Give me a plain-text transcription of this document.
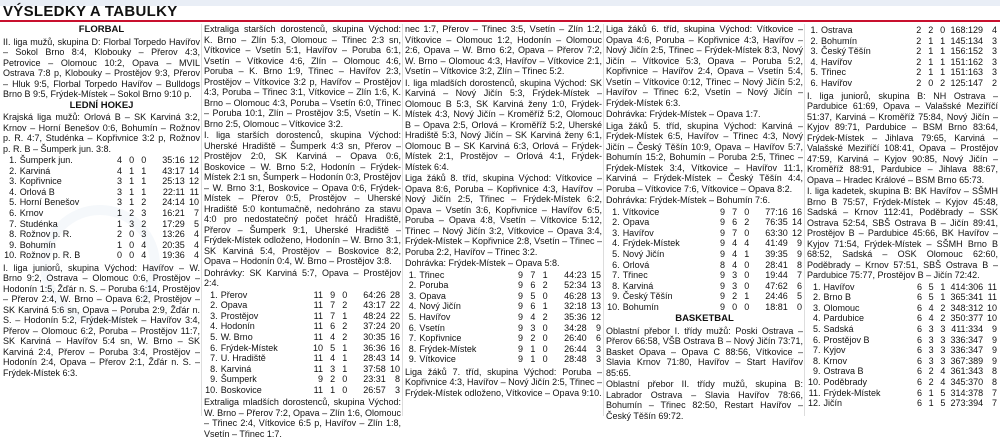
VÝSLEDKY A TABULKY
FLORBAL

II. liga mužů, skupina D: Florbal Torpedo Havířov – Sokol Brno 8:4, Klobouky – Přerov 4:3, Petrovice – Olomouc 10:2, Opava – MVIL Ostrava 7:8 p, Klobouky – Prostějov 9:3, Přerov – Hluk 9:5, Florbal Torpedo Havířov – Bulldogs Brno B 9:5, Frýdek-Místek – Sokol Brno 9:10 p.

LEDNÍ HOKEJ

Krajská liga mužů: Orlová B – SK Karviná 3:2, Krnov – Horní Benešov 0:6, Bohumín – Rožnov p. R. 4:7, Studénka – Kopřivnice 3:2 p, Rožnov p. R. B – Šumperk jun. 3:8.

1.	Šumperk jun.	4	0	0	35:16	12
2.	Karviná	4	1	1	43:17	14
3.	Kopřivnice	3	1	1	25:13	12
4.	Orlová B	3	1	1	22:11	11
5.	Horní Benešov	3	1	2	24:14	10
6.	Krnov	1	2	3	16:21	7
7.	Studénka	1	3	2	17:29	5
8.	Rožnov p. R.	2	0	3	13:26	4
9.	Bohumín	1	0	4	20:35	4
10.	Rožnov p. R. B	0	0	4	19:36	4

I. liga juniorů, skupina Východ: Havířov – W. Brno 9:2, Ostrava – Olomouc 0:6, Prostějov – Hodonín 1:5, Žďár n. S. – Poruba 6:14, Prostějov – Přerov 2:4, W. Brno – Opava 6:2, Prostějov – SK Karviná 5:6 sn, Opava – Poruba 2:9, Žďár n. S. – Hodonín 5:2, Frýdek-Místek – Havířov 3:4, Přerov – Olomouc 6:2, Poruba – Prostějov 11:7, SK Karviná – Havířov 5:4 sn, W. Brno – SK Karviná 2:4, Přerov – Poruba 3:4, Prostějov – Hodonín 2:4, Opava – Přerov 2:1, Žďár n. S. – Frýdek-Místek 6:3.

Extraliga starších dorostenců, skupina Východ: K. Brno – Zlín 5:3, Olomouc – Třinec 2:3 sn, Vítkovice – Vsetín 5:1, Havířov – Poruba 6:1, Vsetín – Vítkovice 4:6, Zlín – Olomouc 4:6, Poruba – K. Brno 1:9, Třinec – Havířov 2:3, Prostějov – Vítkovice 3:2 p, Havířov – Prostějov 4:3, Poruba – Třinec 3:1, Vítkovice – Zlín 1:6, K. Brno – Olomouc 4:3, Poruba – Vsetín 6:0, Třinec – Poruba 10:1, Zlín – Prostějov 3:5, Vsetín – K. Brno 2:5, Olomouc – Vítkovice 3:2.

I. liga starších dorostenců, skupina Východ: Uherské Hradiště – Šumperk 4:3 sn, Přerov – Prostějov 2:0, SK Karviná – Opava 0:6, Boskovice – W. Brno 5:2, Hodonín – Frýdek-Místek 2:1 sn, Šumperk – Hodonín 0:3, Prostějov – W. Brno 3:1, Boskovice – Opava 0:6, Frýdek-Místek – Přerov 0:5, Prostějov – Uherské Hradiště 5:0 kontumačně, nedohráno za stavu 4:0 pro nedostatečný počet hráčů Hradiště, Přerov – Šumperk 9:1, Uherské Hradiště – Frýdek-Místek odloženo, Hodonín – W. Brno 3:1, SK Karviná 5:4, Prostějov – Boskovice 8:2, Opava – Hodonín 0:4, W. Brno – Prostějov 3:8.

Dohrávky: SK Karviná 5:7, Opava – Prostějov 2:4.

1.	Přerov	11	9	0	64:26	28
2.	Opava	11	7	2	43:17	22
3.	Prostějov	11	7	1	48:24	22
4.	Hodonín	11	6	2	37:24	20
5.	W. Brno	11	4	2	30:35	16
6.	Frýdek-Místek	10	5	1	36:36	16
7.	U. Hradiště	11	4	1	28:43	14
8.	Karviná	11	3	1	37:58	10
9.	Šumperk	9	2	0	23:31	8
10.	Boskovice	11	1	0	26:57	3

Extraliga mladších dorostenců, skupina Východ: W. Brno – Přerov 7:2, Opava – Zlín 1:6, Olomouc – Třinec 2:4, Vítkovice 6:5 p, Havířov – Zlín 1:8, Vsetín – Třinec 1:7.

nec 1:7, Přerov – Třinec 3:5, Vsetín – Zlín 1:2, Vítkovice – Olomouc 1:2, Hodonín – Olomouc 2:6, Opava – W. Brno 6:2, Opava – Přerov 7:2, W. Brno – Olomouc 4:3, Havířov – Vítkovice 2:1, Vsetín – Vítkovice 3:2, Zlín – Třinec 5:2.

I. liga mladších dorostenců, skupina Východ: SK Karviná – Nový Jičín 5:3, Frýdek-Místek – Olomouc B 5:3, SK Karviná ženy 1:0, Frýdek-Místek 4:3, Nový Jičín – Kroměříž 5:2, Olomouc B – Opava 2:5, Orlová – Kroměříž 5:2, Uherské Hradiště 5:3, Nový Jičín – SK Karviná ženy 6:1, Olomouc B – SK Karviná 6:3, Orlová – Frýdek-Místek 2:1, Prostějov – Orlová 4:1, Frýdek-Místek 6:4.

Liga žáků 8. tříd, skupina Východ: Vítkovice – Opava 8:6, Poruba – Kopřivnice 4:3, Havířov – Nový Jičín 2:5, Třinec – Frýdek-Místek 6:2, Opava – Vsetín 3:6, Kopřivnice – Havířov 6:5, Poruba – Opava 4:8, Vsetín – Vítkovice 5:12, Třinec – Nový Jičín 3:2, Vítkovice – Opava 3:4, Frýdek-Místek – Kopřivnice 2:8, Vsetín – Třinec – Poruba 2:2, Havířov – Třinec 3:2.

Dohrávka: Frýdek-Místek – Opava 5:8.

1.	Třinec	9	7	1	44:23	15
2.	Poruba	9	6	2	52:34	13
3.	Opava	9	5	0	46:28	13
4.	Nový Jičín	9	6	1	32:18	13
5.	Havířov	9	4	2	35:36	12
6.	Vsetín	9	3	0	34:28	9
7.	Kopřivnice	9	2	0	26:40	6
8.	Frýdek-Místek	9	1	0	26:44	3
9.	Vítkovice	9	1	0	28:48	3

Liga žáků 7. tříd, skupina Východ: Poruba – Kopřivnice 4:3, Havířov – Nový Jičín 2:5, Třinec – Frýdek-Místek odloženo, Vítkovice – Opava 9:10.

Liga žáků 6. tříd, skupina Východ: Vítkovice – Opava 4:6, Poruba – Kopřivnice 4:3, Havířov – Nový Jičín 2:5, Třinec – Frýdek-Místek 8:3, Nový Jičín – Vítkovice 5:3, Opava – Poruba 5:2, Kopřivnice – Havířov 2:4, Opava – Vsetín 5:4, Vsetín – Vítkovice 0:12, Třinec – Nový Jičín 5:2, Havířov – Třinec 6:2, Vsetín – Nový Jičín – Frýdek-Místek 6:3.

Dohrávka: Frýdek-Místek – Opava 1:7.

Liga žáků 5. tříd, skupina Východ: Karviná – Frýdek-Místek 6:5, Havířov – Třinec 4:3, Nový Jičín – Český Těšín 10:9, Opava – Havířov 5:7, Bohumín 15:2, Bohumín – Poruba 2:5, Třinec – Frýdek-Místek 3:4, Vítkovice – Havířov 11:1, Karviná – Frýdek-Místek – Český Těšín 4:4, Poruba – Vítkovice 7:6, Vítkovice – Opava 8:2.

Dohrávka: Frýdek-Místek – Bohumín 7:6.

1.	Vítkovice	9	7	0	77:16	16
2.	Opava	9	6	2	76:35	14
3.	Havířov	9	7	0	63:30	12
4.	Frýdek-Místek	9	4	4	41:49	9
5.	Nový Jičín	9	4	1	39:35	9
6.	Orlová	8	4	0	28:41	8
7.	Třinec	9	3	0	19:44	7
8.	Karviná	9	3	0	47:62	6
9.	Český Těšín	9	2	1	24:46	5
10.	Bohumín	9	0	0	18:81	0
BASKETBAL

Oblastní přebor I. třídy mužů: Poski Ostrava – Přerov 66:58, VŠB Ostrava B – Nový Jičín 73:71, Basket Opava – Opava C 88:56, Vítkovice – Slavia Krnov 71:80, Havířov – Start Havířov 85:65.

Oblastní přebor II. třídy mužů, skupina B: Labrador Ostrava – Slavia Havířov 78:66, Bohumín – Třinec 82:50, Restart Havířov – Český Těšín 69:72.

1.	Ostrava	2	2	0	168:129	4
2.	Bohumín	2	1	1	145:134	3
3.	Český Těšín	2	1	1	156:152	3
4.	Havířov	2	1	1	151:162	3
5.	Třinec	2	1	1	151:163	3
6.	Havířov	2	0	2	125:147	2

I. liga juniorů, skupina B: NH Ostrava – Pardubice 61:69, Opava – Valašské Meziříčí 51:37, Karviná – Kroměříž 75:84, Nový Jičín – Kyjov 89:71, Pardubice – BSM Brno 83:64, Frýdek-Místek – Jihlava 79:65, Karviná – Valašské Meziříčí 108:41, Opava – Prostějov 47:59, Karviná – Kyjov 90:85, Nový Jičín – Kroměříž 88:91, Pardubice – Jihlava 88:67, Opava – Hradec Králové – BSM Brno 65:73.

I. liga kadetek, skupina B: BK Havířov – SŠMH Brno B 75:57, Frýdek-Místek – Kyjov 45:48, Sadská – Krnov 112:41, Poděbrady – SSK Ostrava 52:54, SBŠ Ostrava B – Jičín 89:41, Prostějov B – Pardubice 45:66, BK Havířov – Kyjov 71:54, Frýdek-Místek – SŠMH Brno B 68:52, Sadská – OSK Olomouc 62:60, Poděbrady – Krnov 57:51, SBŠ Ostrava B – Pardubice 75:77, Prostějov B – Jičín 72:42.

1.	Havířov	6	5	1	414:306	11
2.	Brno B	6	5	1	365:341	11
3.	Olomouc	6	4	2	348:312	10
4.	Pardubice	6	4	2	350:377	10
5.	Sadská	6	3	3	411:334	9
6.	Prostějov B	6	3	3	336:347	9
7.	Kyjov	6	3	3	336:347	9
8.	Krnov	6	3	3	367:389	9
9.	Ostrava B	6	2	4	361:343	8
10.	Poděbrady	6	2	4	345:370	8
11.	Frýdek-Místek	6	1	5	314:378	7
12.	Jičín	6	1	5	273:394	7
